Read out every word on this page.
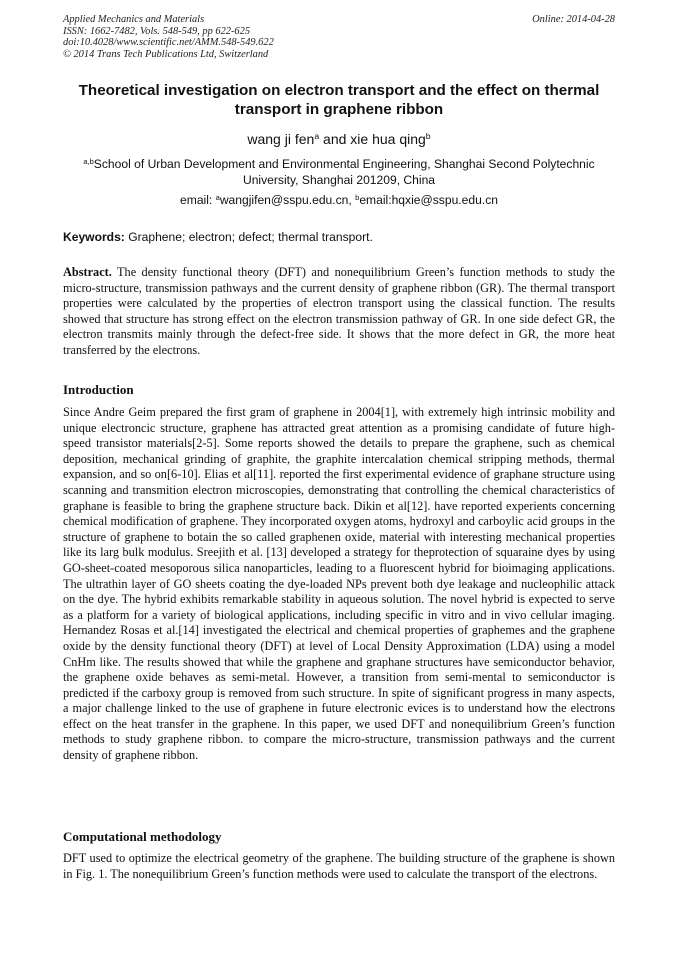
Applied Mechanics and Materials
ISSN: 1662-7482, Vols. 548-549, pp 622-625
doi:10.4028/www.scientific.net/AMM.548-549.622
© 2014 Trans Tech Publications Ltd, Switzerland
Online: 2014-04-28
Theoretical investigation on electron transport and the effect on thermal transport in graphene ribbon
wang ji fen$^a$ and xie hua qing$^b$
$^{a,b}$School of Urban Development and Environmental Engineering, Shanghai Second Polytechnic University, Shanghai 201209, China
email: $^a$wangjifen@sspu.edu.cn, $^b$email:hqxie@sspu.edu.cn
Keywords: Graphene; electron; defect; thermal transport.
Abstract. The density functional theory (DFT) and nonequilibrium Green’s function methods to study the micro-structure, transmission pathways and the current density of graphene ribbon (GR). The thermal transport properties were calculated by the properties of electron transport using the classical function. The results showed that structure has strong effect on the electron transmission pathway of GR. In one side defect GR, the electron transmits mainly through the defect-free side. It shows that the more defect in GR, the more heat transferred by the electrons.
Introduction
Since Andre Geim prepared the first gram of graphene in 2004[1], with extremely high intrinsic mobility and unique electroncic structure, graphene has attracted great attention as a promising candidate of future high-speed transistor materials[2-5]. Some reports showed the details to prepare the graphene, such as chemical deposition, mechanical grinding of graphite, the graphite intercalation chemical stripping methods, thermal expansion, and so on[6-10]. Elias et al[11]. reported the first experimental evidence of graphane structure using scanning and transmition electron microscopies, demonstrating that controlling the chemical characteristics of graphane is feasible to bring the graphene structure back. Dikin et al[12]. have reported experients concerning chemical modification of graphene. They incorporated oxygen atoms, hydroxyl and carboylic acid groups in the structure of graphene to botain the so called graphenen oxide, material with interesting mechanical properties like its larg bulk modulus. Sreejith et al. [13] developed a strategy for theprotection of squaraine dyes by using GO-sheet-coated mesoporous silica nanoparticles, leading to a fluorescent hybrid for bioimaging applications. The ultrathin layer of GO sheets coating the dye-loaded NPs prevent both dye leakage and nucleophilic attack on the dye. The hybrid exhibits remarkable stability in aqueous solution. The novel hybrid is expected to serve as a platform for a variety of biological applications, including specific in vitro and in vivo cellular imaging. Hernandez Rosas et al.[14] investigated the electrical and chemical properties of graphemes and the graphene oxide by the density functional theory (DFT) at level of Local Density Approximation (LDA) using a model CnHm like. The results showed that while the graphene and graphane structures have semiconductor behavior, the graphene oxide behaves as semi-metal. However, a transition from semi-mental to semiconductor is predicted if the carboxy group is removed from such structure. In spite of significant progress in many aspects, a major challenge linked to the use of graphene in future electronic evices is to understand how the electrons effect on the heat transfer in the graphene. In this paper, we used DFT and nonequilibrium Green’s function methods to study graphene ribbon. to compare the micro-structure, transmission pathways and the current density of graphene ribbon.
Computational methodology
DFT used to optimize the electrical geometry of the graphene. The building structure of the graphene is shown in Fig. 1. The nonequilibrium Green’s function methods were used to calculate the transport of the electrons.
